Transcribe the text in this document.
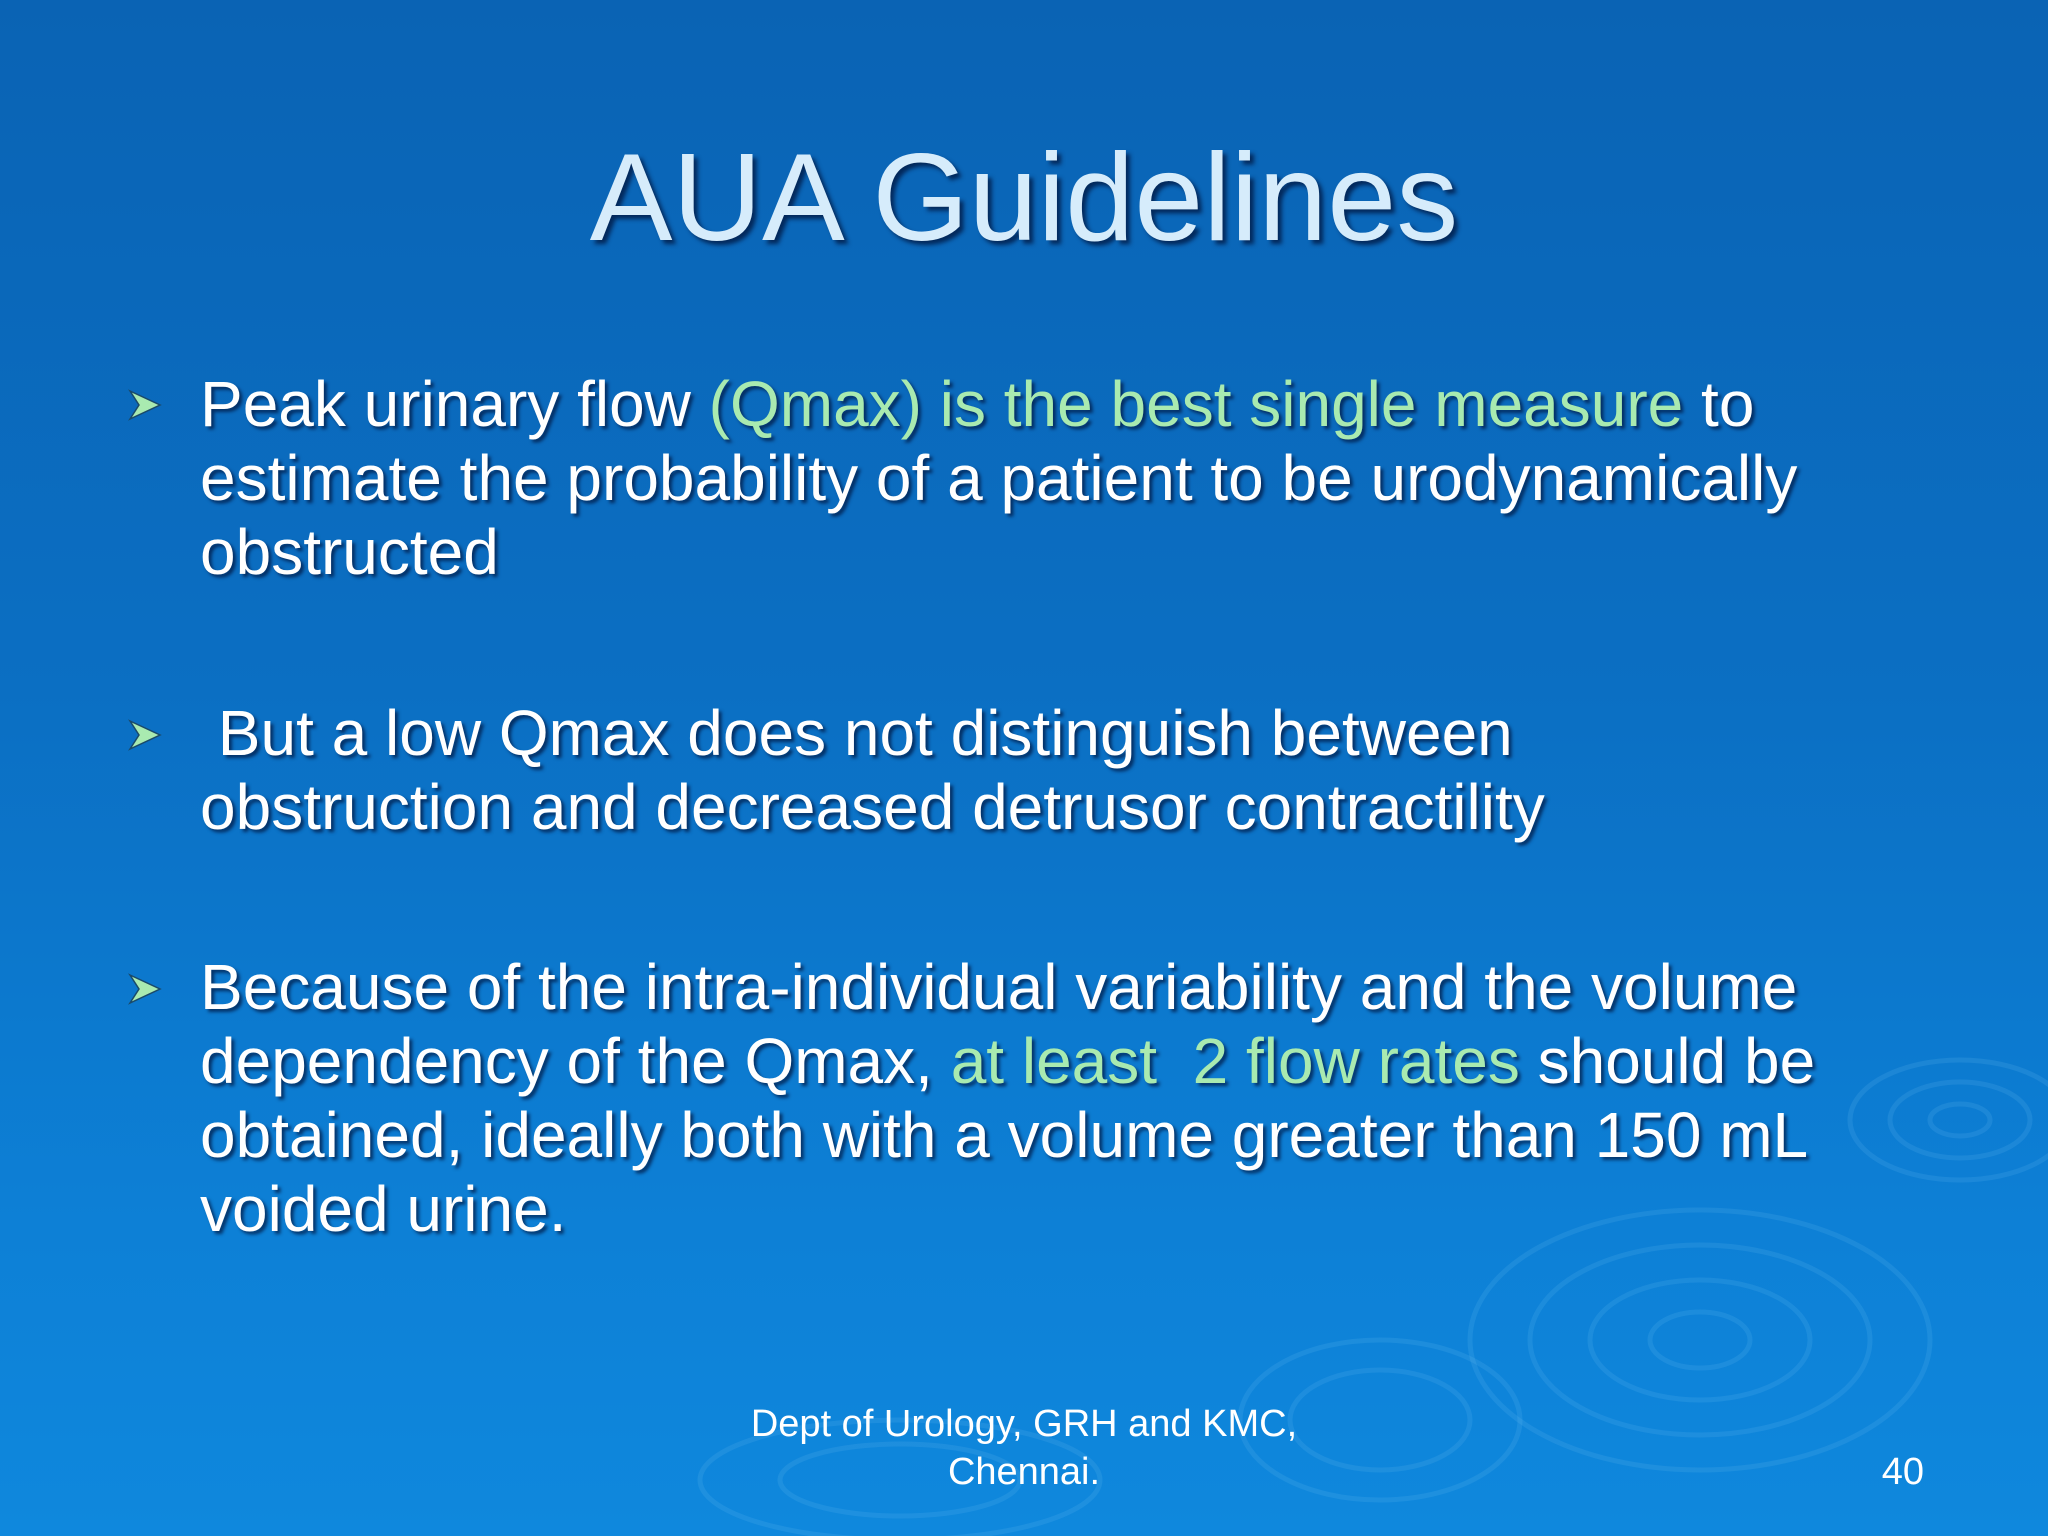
AUA Guidelines
Peak urinary flow (Qmax) is the best single measure to
estimate the probability of a patient to be urodynamically
obstructed
But a low Qmax does not distinguish between
obstruction and decreased detrusor contractility
Because of the intra-individual variability and the volume
dependency of the Qmax, at least  2 flow rates should be
obtained, ideally both with a volume greater than 150 mL
voided urine.
Dept of Urology, GRH and KMC,
Chennai.	40
